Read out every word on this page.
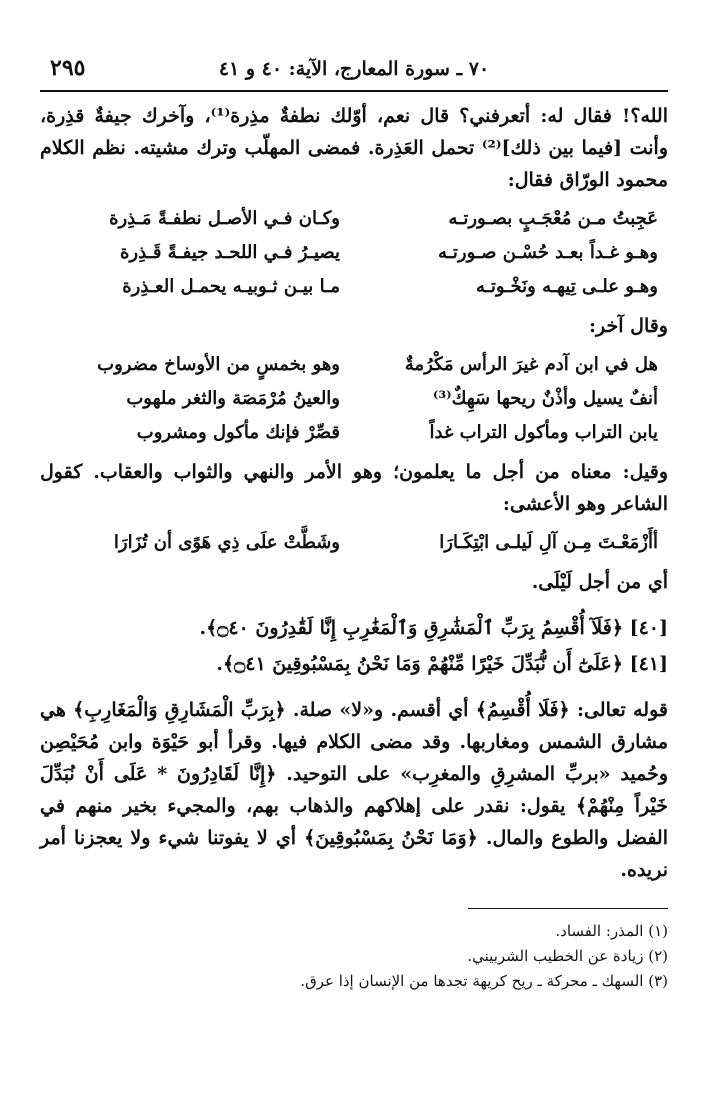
٧٠ ـ سورة المعارج، الآية: ٤٠ و ٤١
٢٩٥

الله؟! فقال له: أتعرفني؟ قال نعم، أوّلك نطفةٌ مذِرة⁽¹⁾، وآخرك جيفةٌ قذِرة، وأنت [فيما بين ذلك]⁽²⁾ تحمل العَذِرة. فمضى المهلّب وترك مشيته. نظم الكلام محمود الورّاق فقال:

عَجِبتُ مـن مُعْجَـبٍ بصـورتـه
وكـان فـي الأصـل نطفـةً مَـذِرة
وهـو غـداً بعـد حُسْـن صـورتـه
يصيـرُ فـي اللحـد جيفـةً قَـذِرة
وهـو علـى تِيهـه ونَخْـوتـه
مـا بيـن ثـوبيـه يحمـل العـذِرة

وقال آخر:

هل في ابن آدم غيرَ الرأس مَكْرُمةٌ
وهو بخمسٍ من الأوساخ مضروب
أنفٌ يسيل وأذْنٌ ريحها سَهِكٌ⁽³⁾
والعينُ مُرْمَصَة والثغر ملهوب
يابن التراب ومأكول التراب غداً
قصِّرْ فإنك مأكول ومشروب

وقيل: معناه من أجل ما يعلمون؛ وهو الأمر والنهي والثواب والعقاب. كقول الشاعر وهو الأعشى:

أأَزْمَعْـتَ مِـن آلِ لَيلـى ابْتِكَـارَا
وشَطَّتْ علَى ذِي هَوًى أن تُزَارَا

أي من أجل لَيْلَى.

[٤٠] ﴿فَلَآ أُقْسِمُ بِرَبِّ ٱلْمَشَٰرِقِ وَٱلْمَغَٰرِبِ إِنَّا لَقَٰدِرُونَ ۝٤٠﴾.

[٤١] ﴿عَلَىٰٓ أَن نُّبَدِّلَ خَيْرًا مِّنْهُمْ وَمَا نَحْنُ بِمَسْبُوقِينَ ۝٤١﴾.

قوله تعالى: ﴿فَلَا أُقْسِمُ﴾ أي أقسم. و«لا» صلة. ﴿بِرَبِّ الْمَشَارِقِ وَالْمَغَارِبِ﴾ هي مشارق الشمس ومغاربها. وقد مضى الكلام فيها. وقرأ أبو حَيْوَة وابن مُحَيْصِن وحُميد «بربِّ المشرِقِ والمغرِب» على التوحيد. ﴿إِنَّا لَقَادِرُونَ * عَلَى أَنْ نُبَدِّلَ خَيْراً مِنْهُمْ﴾ يقول: نقدر على إهلاكهم والذهاب بهم، والمجيء بخير منهم في الفضل والطوع والمال. ﴿وَمَا نَحْنُ بِمَسْبُوقِينَ﴾ أي لا يفوتنا شيء ولا يعجزنا أمر نريده.

(١) المذر: الفساد.

(٢) زيادة عن الخطيب الشربيني.

(٣) السهك ـ محركة ـ ريح كريهة تجدها من الإنسان إذا عرق.
